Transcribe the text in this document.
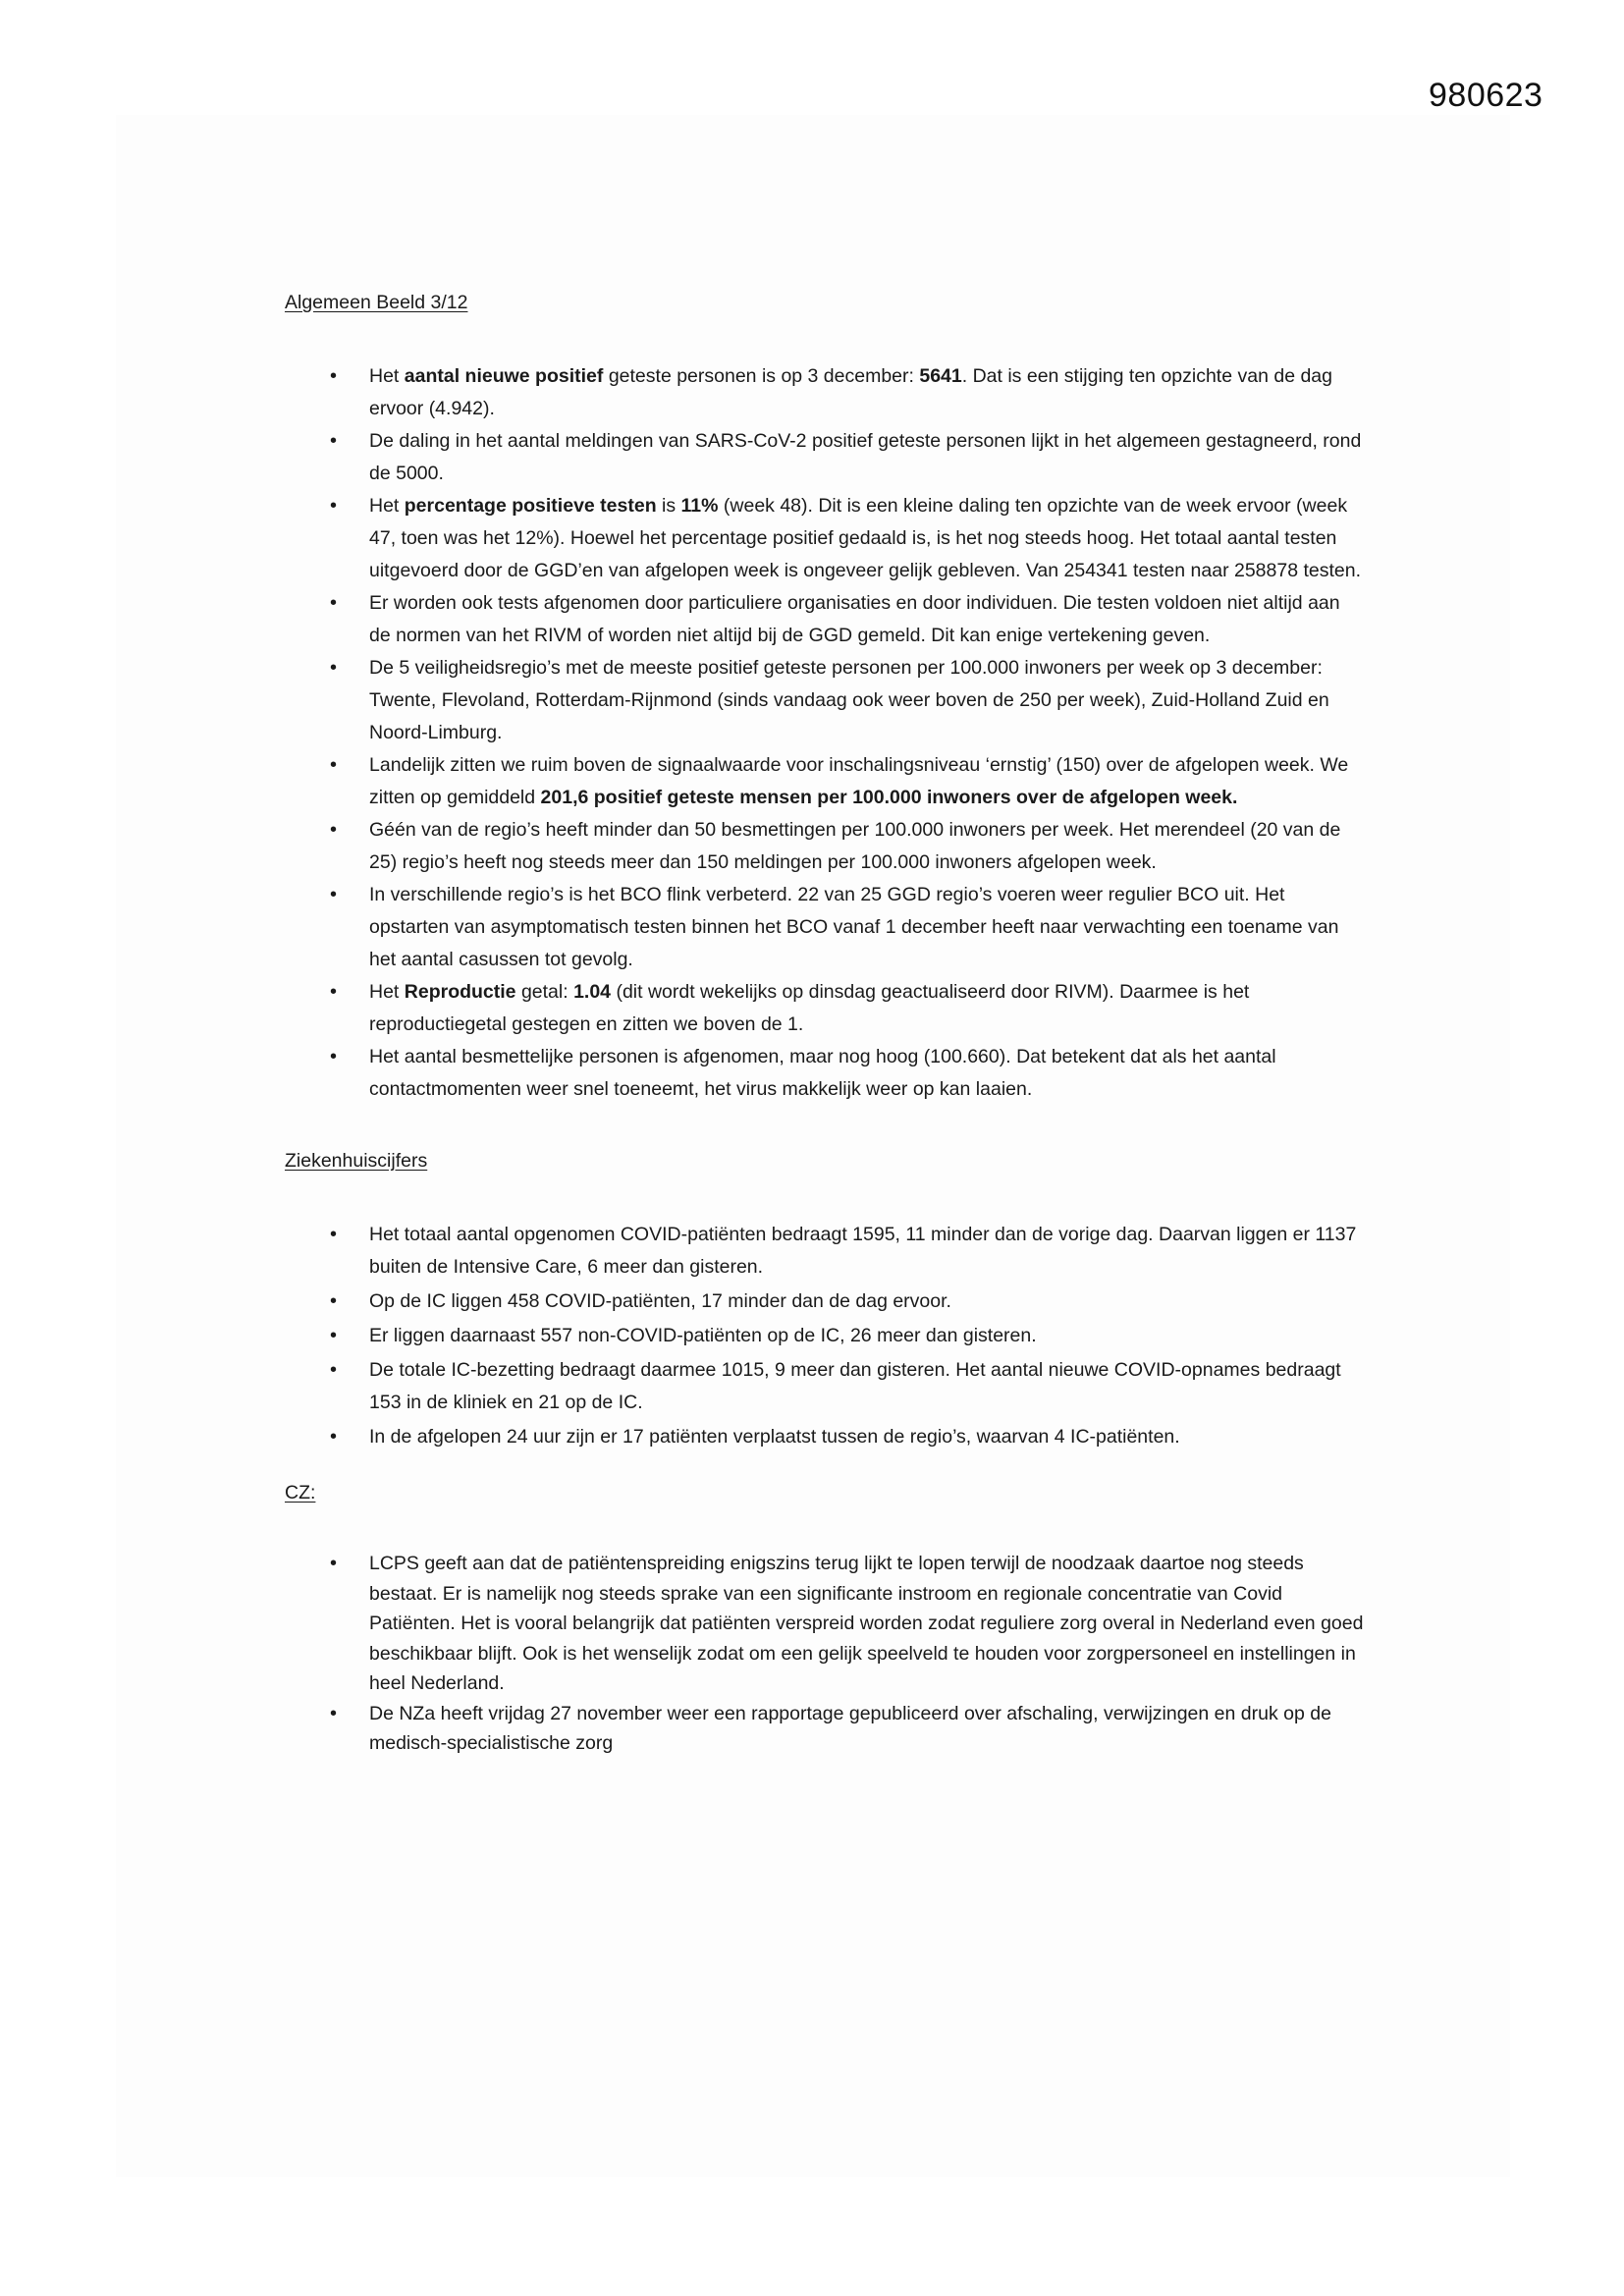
980623
Algemeen Beeld 3/12
• Het aantal nieuwe positief geteste personen is op 3 december: 5641. Dat is een stijging ten opzichte van de dag ervoor (4.942).
• De daling in het aantal meldingen van SARS-CoV-2 positief geteste personen lijkt in het algemeen gestagneerd, rond de 5000.
• Het percentage positieve testen is 11% (week 48). Dit is een kleine daling ten opzichte van de week ervoor (week 47, toen was het 12%). Hoewel het percentage positief gedaald is, is het nog steeds hoog. Het totaal aantal testen uitgevoerd door de GGD’en van afgelopen week is ongeveer gelijk gebleven. Van 254341 testen naar 258878 testen.
• Er worden ook tests afgenomen door particuliere organisaties en door individuen. Die testen voldoen niet altijd aan de normen van het RIVM of worden niet altijd bij de GGD gemeld. Dit kan enige vertekening geven.
• De 5 veiligheidsregio’s met de meeste positief geteste personen per 100.000 inwoners per week op 3 december: Twente, Flevoland, Rotterdam-Rijnmond (sinds vandaag ook weer boven de 250 per week), Zuid-Holland Zuid en Noord-Limburg.
• Landelijk zitten we ruim boven de signaalwaarde voor inschalingsniveau ‘ernstig’ (150) over de afgelopen week. We zitten op gemiddeld 201,6 positief geteste mensen per 100.000 inwoners over de afgelopen week.
• Géén van de regio’s heeft minder dan 50 besmettingen per 100.000 inwoners per week. Het merendeel (20 van de 25) regio’s heeft nog steeds meer dan 150 meldingen per 100.000 inwoners afgelopen week.
• In verschillende regio’s is het BCO flink verbeterd. 22 van 25 GGD regio’s voeren weer regulier BCO uit. Het opstarten van asymptomatisch testen binnen het BCO vanaf 1 december heeft naar verwachting een toename van het aantal casussen tot gevolg.
• Het Reproductie getal: 1.04 (dit wordt wekelijks op dinsdag geactualiseerd door RIVM). Daarmee is het reproductiegetal gestegen en zitten we boven de 1.
• Het aantal besmettelijke personen is afgenomen, maar nog hoog (100.660). Dat betekent dat als het aantal contactmomenten weer snel toeneemt, het virus makkelijk weer op kan laaien.
Ziekenhuiscijfers
• Het totaal aantal opgenomen COVID-patiënten bedraagt 1595, 11 minder dan de vorige dag. Daarvan liggen er 1137 buiten de Intensive Care, 6 meer dan gisteren.
• Op de IC liggen 458 COVID-patiënten, 17 minder dan de dag ervoor.
• Er liggen daarnaast 557 non-COVID-patiënten op de IC, 26 meer dan gisteren.
• De totale IC-bezetting bedraagt daarmee 1015, 9 meer dan gisteren. Het aantal nieuwe COVID-opnames bedraagt 153 in de kliniek en 21 op de IC.
• In de afgelopen 24 uur zijn er 17 patiënten verplaatst tussen de regio’s, waarvan 4 IC-patiënten.
CZ:
• LCPS geeft aan dat de patiëntenspreiding enigszins terug lijkt te lopen terwijl de noodzaak daartoe nog steeds bestaat. Er is namelijk nog steeds sprake van een significante instroom en regionale concentratie van Covid Patiënten. Het is vooral belangrijk dat patiënten verspreid worden zodat reguliere zorg overal in Nederland even goed beschikbaar blijft. Ook is het wenselijk zodat om een gelijk speelveld te houden voor zorgpersoneel en instellingen in heel Nederland.
• De NZa heeft vrijdag 27 november weer een rapportage gepubliceerd over afschaling, verwijzingen en druk op de medisch-specialistische zorg
